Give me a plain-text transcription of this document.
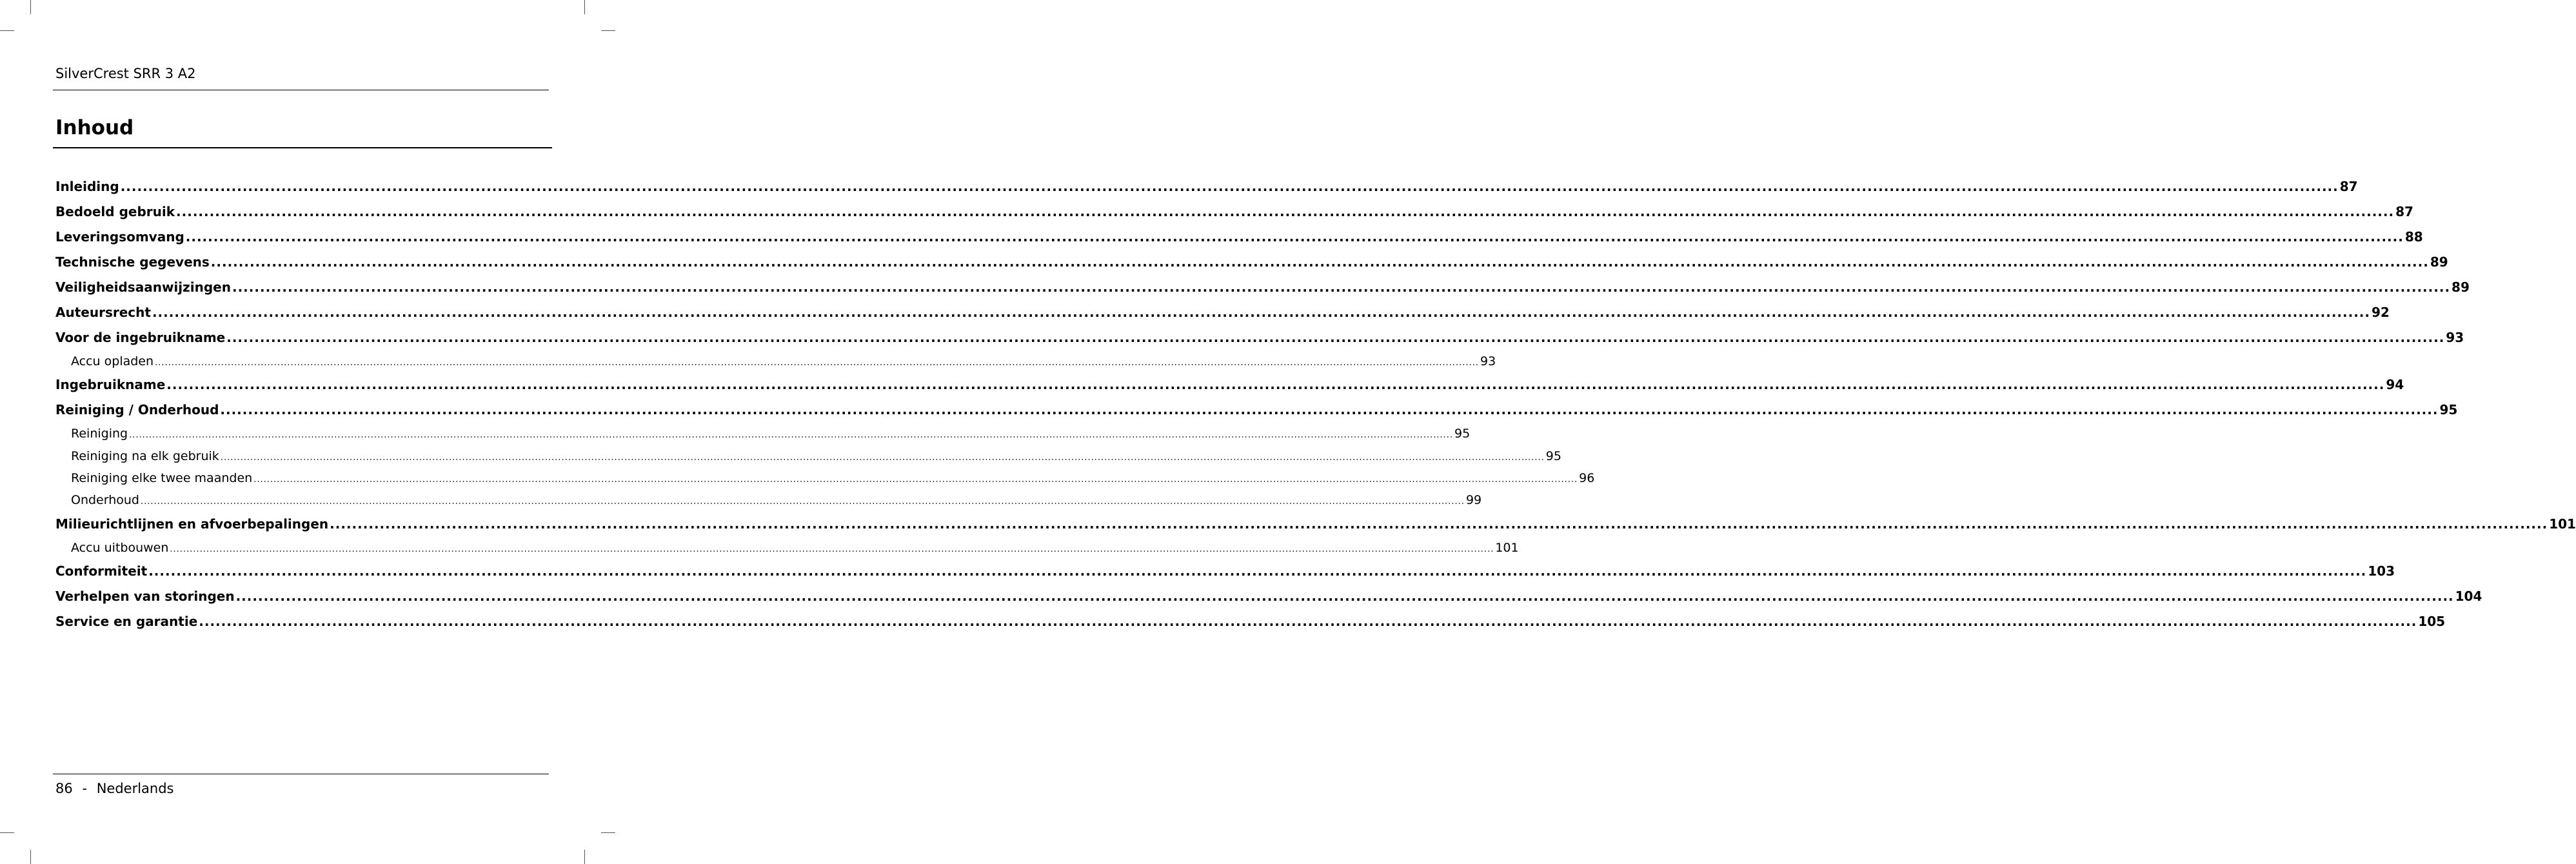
SilverCrest SRR 3 A2
Inhoud
Inleiding ................................................................................................................................................................................................................................................................................................................................................................................................................ 87
Bedoeld gebruik ................................................................................................................................................................................................................................................................................................................................................................................................................ 87
Leveringsomvang ................................................................................................................................................................................................................................................................................................................................................................................................................ 88
Technische gegevens ................................................................................................................................................................................................................................................................................................................................................................................................................ 89
Veiligheidsaanwijzingen ................................................................................................................................................................................................................................................................................................................................................................................................................ 89
Auteursrecht ................................................................................................................................................................................................................................................................................................................................................................................................................ 92
Voor de ingebruikname ................................................................................................................................................................................................................................................................................................................................................................................................................ 93
Accu opladen ................................................................................................................................................................................................................................................................................................................................................................................................................ 93
Ingebruikname ................................................................................................................................................................................................................................................................................................................................................................................................................ 94
Reiniging / Onderhoud ................................................................................................................................................................................................................................................................................................................................................................................................................ 95
Reiniging ................................................................................................................................................................................................................................................................................................................................................................................................................ 95
Reiniging na elk gebruik ................................................................................................................................................................................................................................................................................................................................................................................................................ 95
Reiniging elke twee maanden ................................................................................................................................................................................................................................................................................................................................................................................................................ 96
Onderhoud ................................................................................................................................................................................................................................................................................................................................................................................................................ 99
Milieurichtlijnen en afvoerbepalingen ................................................................................................................................................................................................................................................................................................................................................................................................................ 101
Accu uitbouwen ................................................................................................................................................................................................................................................................................................................................................................................................................ 101
Conformiteit ................................................................................................................................................................................................................................................................................................................................................................................................................ 103
Verhelpen van storingen ................................................................................................................................................................................................................................................................................................................................................................................................................ 104
Service en garantie ................................................................................................................................................................................................................................................................................................................................................................................................................ 105
86 - Nederlands
